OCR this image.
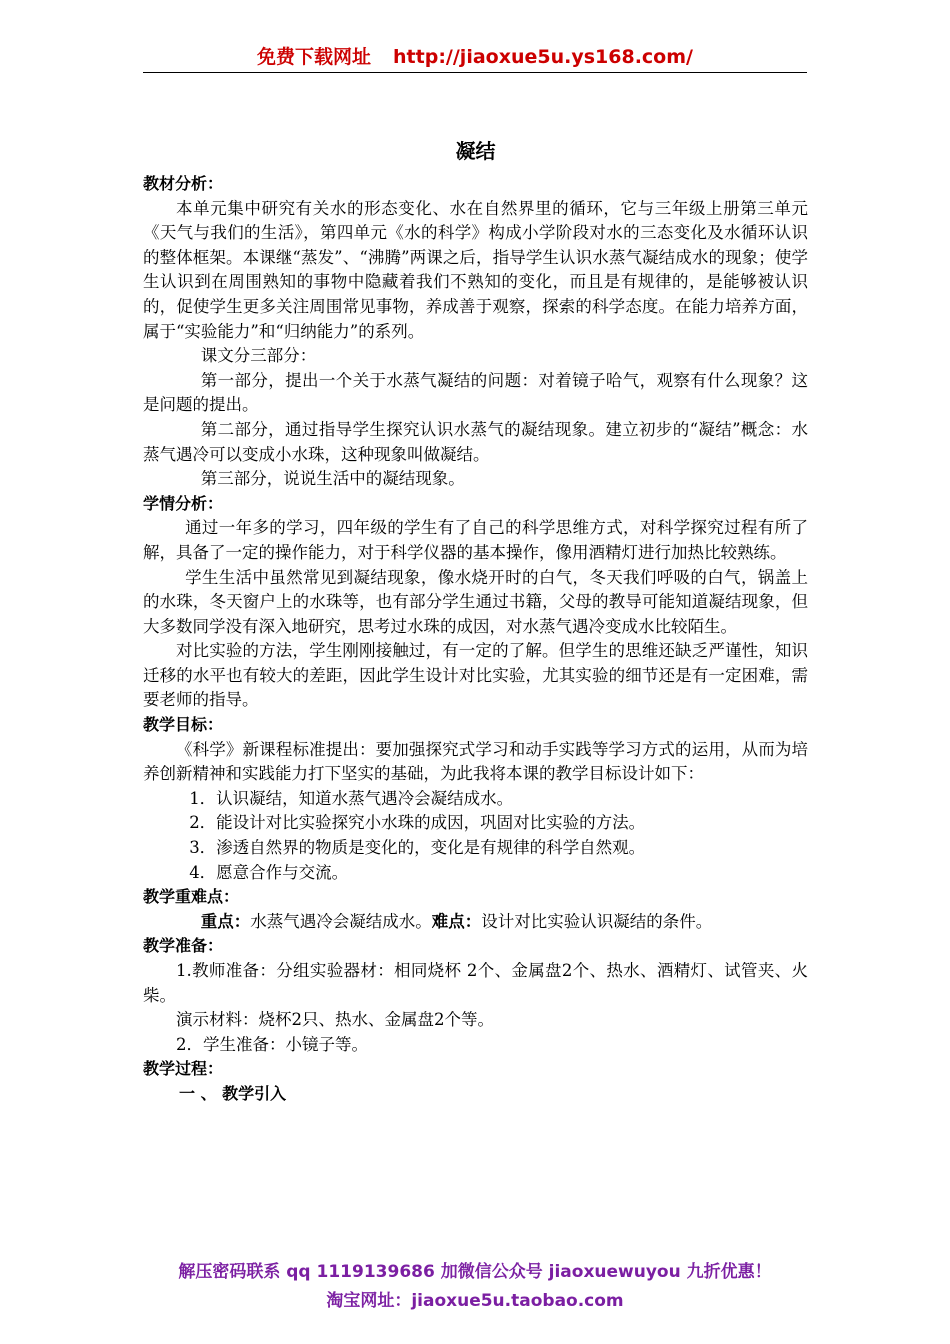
免费下载网址 http://jiaoxue5u.ys168.com/
凝结

教材分析：

本单元集中研究有关水的形态变化、水在自然界里的循环，它与三年级上册第三单元《天气与我们的生活》，第四单元《水的科学》构成小学阶段对水的三态变化及水循环认识的整体框架。本课继“蒸发”、“沸腾”两课之后，指导学生认识水蒸气凝结成水的现象；使学生认识到在周围熟知的事物中隐藏着我们不熟知的变化，而且是有规律的，是能够被认识的，促使学生更多关注周围常见事物，养成善于观察，探索的科学态度。在能力培养方面，属于“实验能力”和“归纳能力”的系列。

课文分三部分：

第一部分，提出一个关于水蒸气凝结的问题：对着镜子哈气，观察有什么现象？这是问题的提出。

第二部分，通过指导学生探究认识水蒸气的凝结现象。建立初步的“凝结”概念：水蒸气遇冷可以变成小水珠，这种现象叫做凝结。

第三部分，说说生活中的凝结现象。

学情分析：

通过一年多的学习，四年级的学生有了自己的科学思维方式，对科学探究过程有所了解，具备了一定的操作能力，对于科学仪器的基本操作，像用酒精灯进行加热比较熟练。

学生生活中虽然常见到凝结现象，像水烧开时的白气，冬天我们呼吸的白气，锅盖上的水珠，冬天窗户上的水珠等，也有部分学生通过书籍，父母的教导可能知道凝结现象，但大多数同学没有深入地研究，思考过水珠的成因，对水蒸气遇冷变成水比较陌生。

对比实验的方法，学生刚刚接触过，有一定的了解。但学生的思维还缺乏严谨性，知识迁移的水平也有较大的差距，因此学生设计对比实验，尤其实验的细节还是有一定困难，需要老师的指导。

教学目标：

《科学》新课程标准提出：要加强探究式学习和动手实践等学习方式的运用，从而为培养创新精神和实践能力打下坚实的基础，为此我将本课的教学目标设计如下：

1．认识凝结，知道水蒸气遇冷会凝结成水。

2．能设计对比实验探究小水珠的成因，巩固对比实验的方法。

3．渗透自然界的物质是变化的，变化是有规律的科学自然观。

4．愿意合作与交流。

教学重难点：

重点：水蒸气遇冷会凝结成水。难点：设计对比实验认识凝结的条件。

教学准备：

1.教师准备：分组实验器材：相同烧杯 2个、金属盘2个、热水、酒精灯、试管夹、火柴。

演示材料：烧杯2只、热水、金属盘2个等。

2．学生准备：小镜子等。

教学过程：

一 、 教学引入

解压密码联系 qq 1119139686 加微信公众号 jiaoxuewuyou 九折优惠！
淘宝网址：jiaoxue5u.taobao.com
